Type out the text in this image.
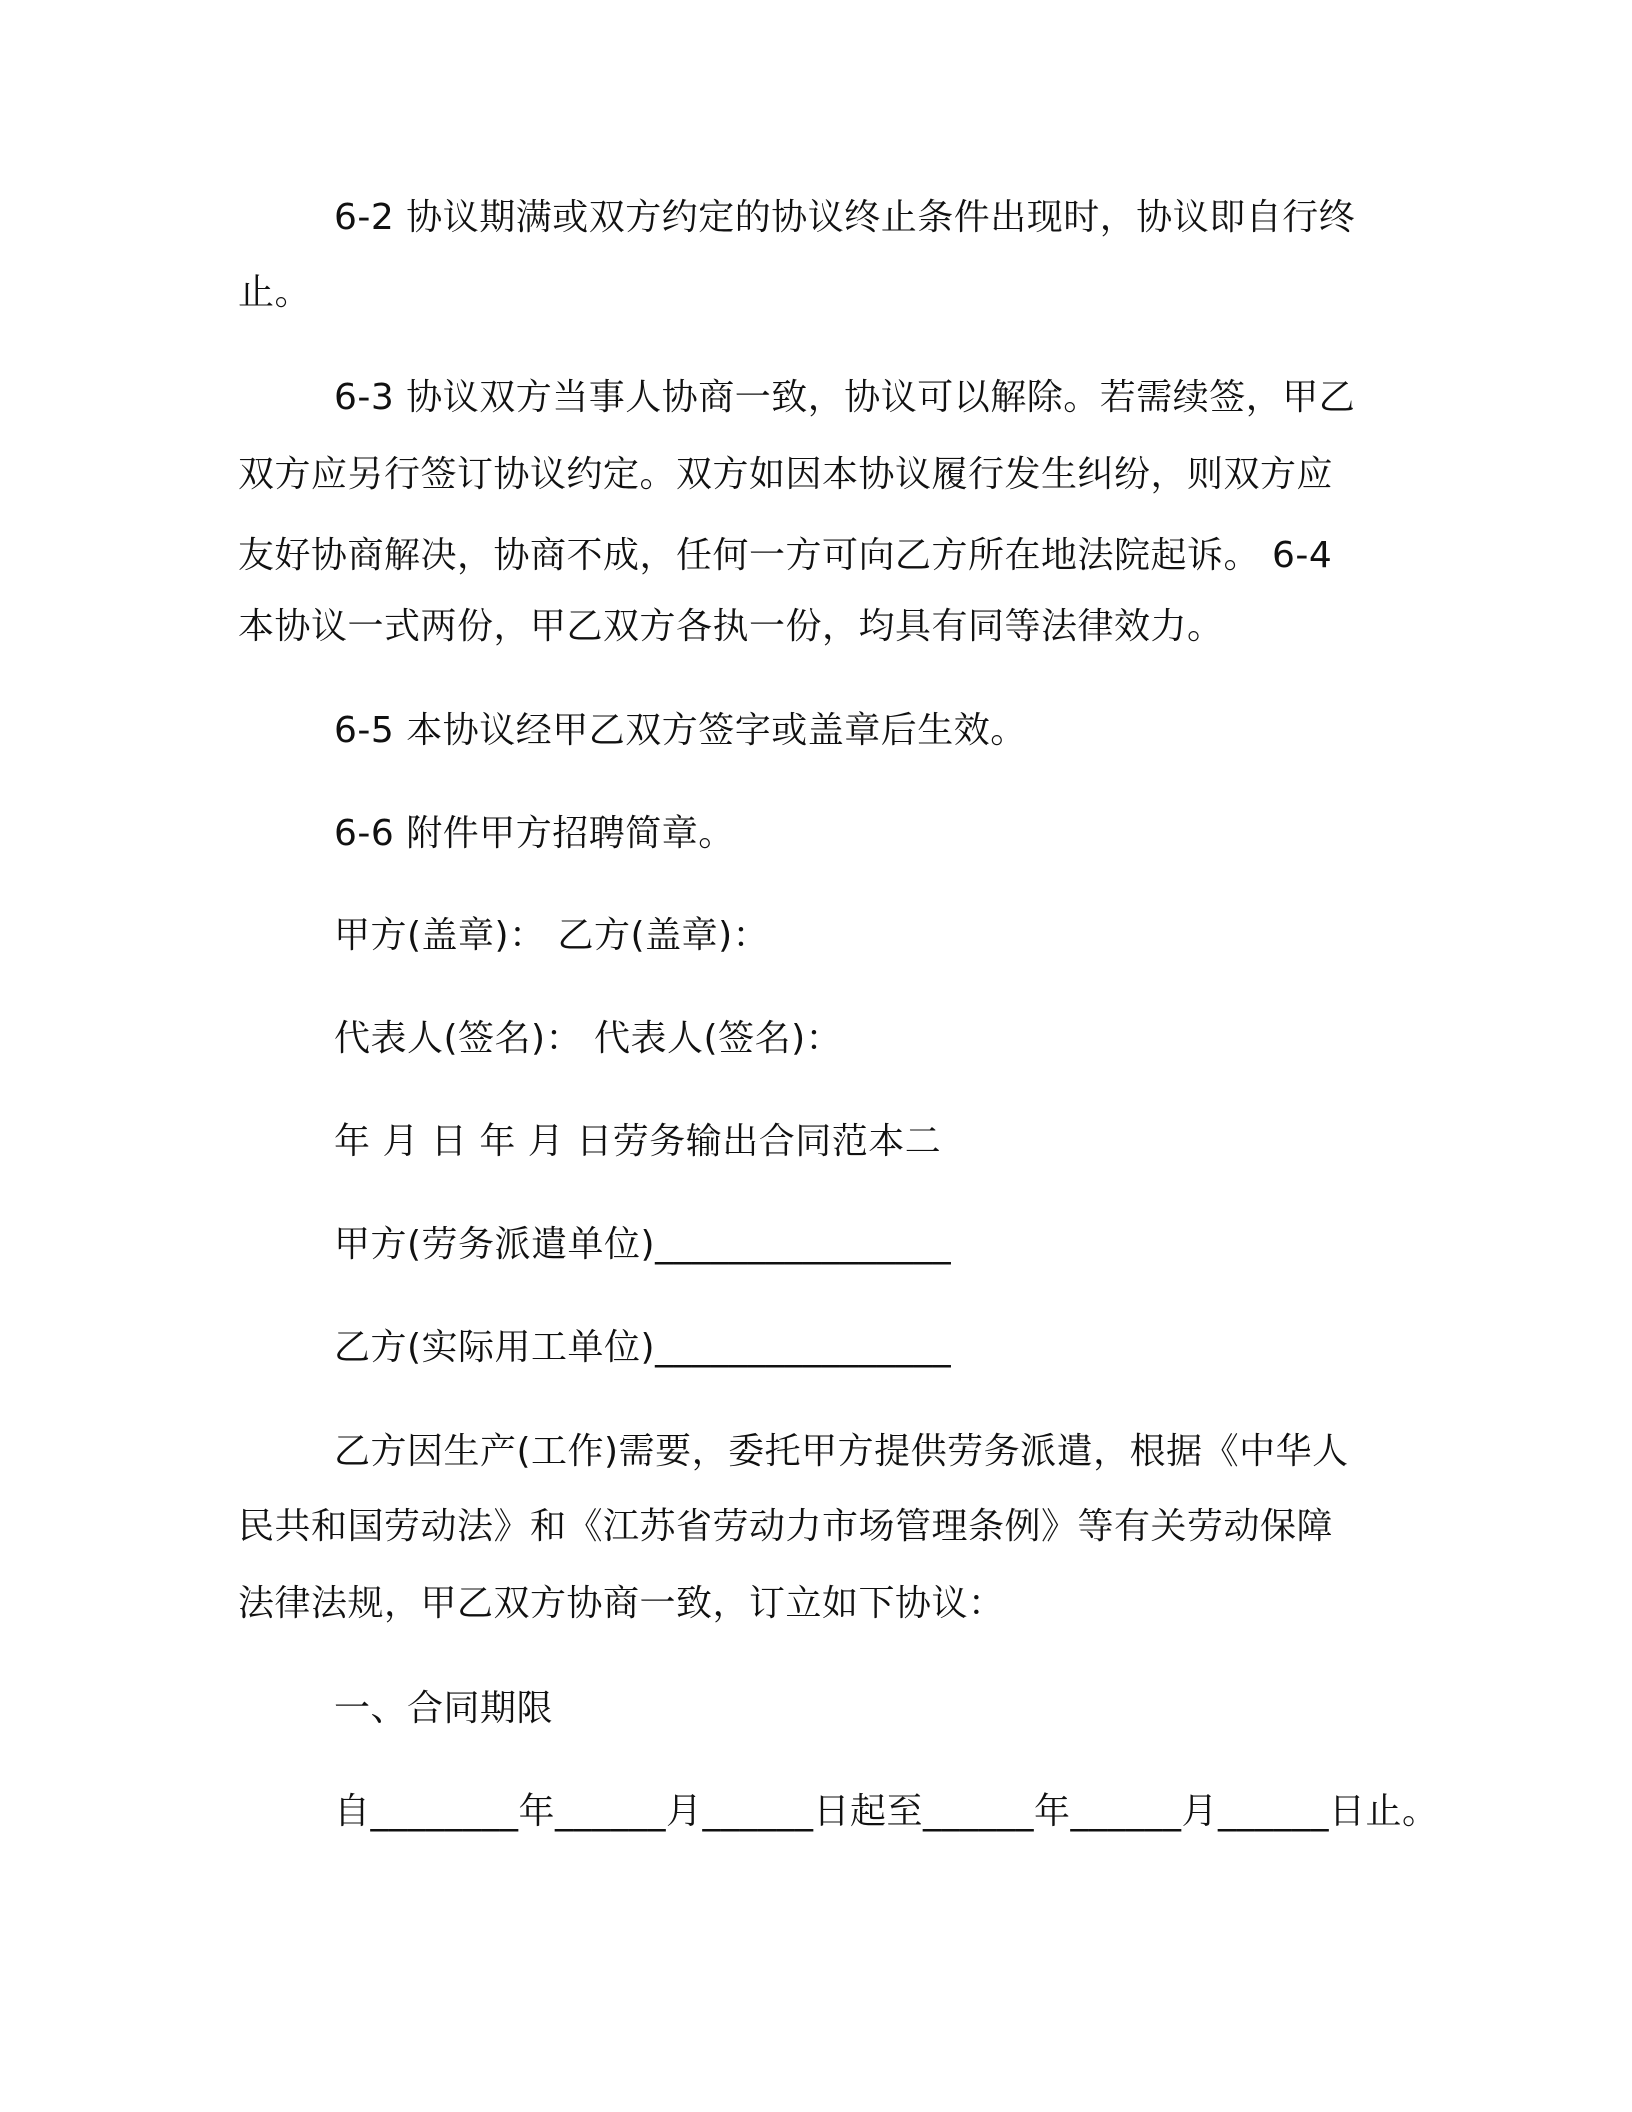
6-2 协议期满或双方约定的协议终止条件出现时，协议即自行终
止。
6-3 协议双方当事人协商一致，协议可以解除。若需续签，甲乙
双方应另行签订协议约定。双方如因本协议履行发生纠纷，则双方应
友好协商解决，协商不成，任何一方可向乙方所在地法院起诉。 6-4
本协议一式两份，甲乙双方各执一份，均具有同等法律效力。
6-5 本协议经甲乙双方签字或盖章后生效。
6-6 附件甲方招聘简章。
甲方(盖章)： 乙方(盖章)：
代表人(签名)： 代表人(签名)：
年 月 日 年 月 日劳务输出合同范本二
甲方(劳务派遣单位)________________
乙方(实际用工单位)________________
乙方因生产(工作)需要，委托甲方提供劳务派遣，根据《中华人
民共和国劳动法》和《江苏省劳动力市场管理条例》等有关劳动保障
法律法规，甲乙双方协商一致，订立如下协议：
一、合同期限
自________年______月______日起至______年______月______日止。
